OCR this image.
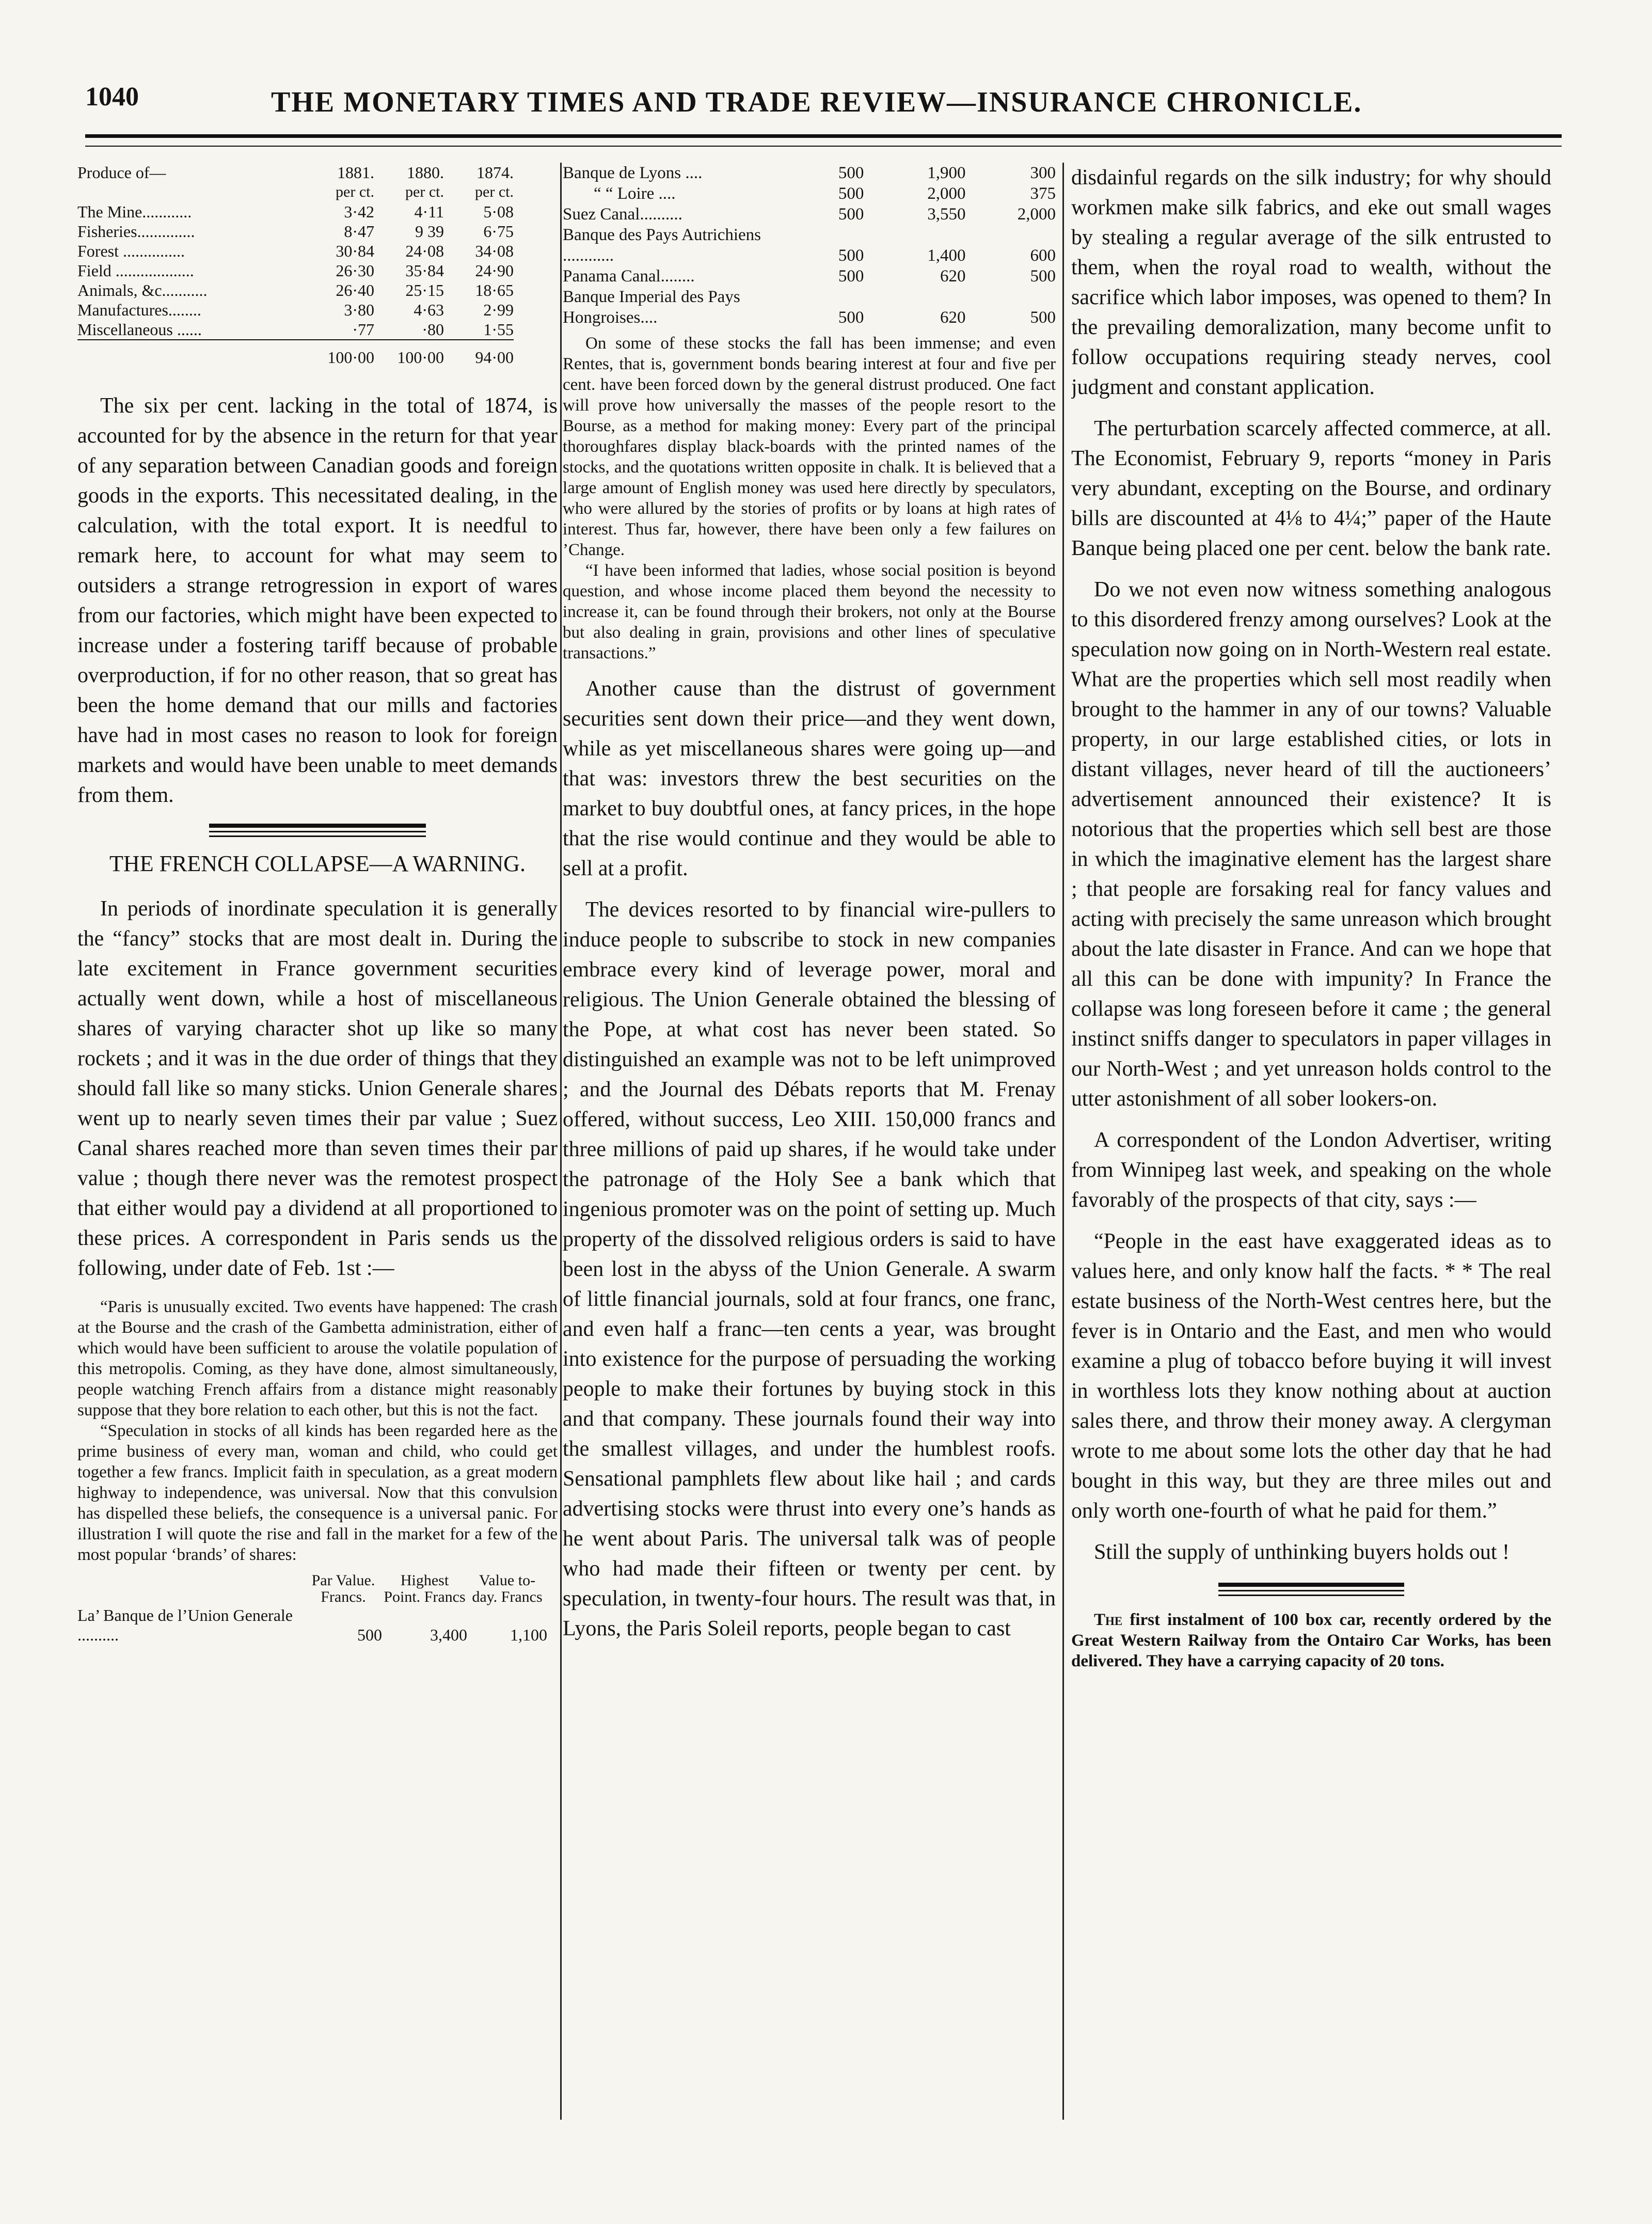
1040	THE MONETARY TIMES AND TRADE REVIEW—INSURANCE CHRONICLE.
Produce of—	1881.	1880.	1874.
	per ct.	per ct.	per ct.
The Mine............	3·42	4·11	5·08
Fisheries..............	8·47	9 39	6·75
Forest ...............	30·84	24·08	34·08
Field ...................	26·30	35·84	24·90
Animals, &c...........	26·40	25·15	18·65
Manufactures........	3·80	4·63	2·99
Miscellaneous ......	·77	·80	1·55
	100·00	100·00	94·00

The six per cent. lacking in the total of 1874, is accounted for by the absence in the return for that year of any separation between Canadian goods and foreign goods in the exports. This necessitated dealing, in the calculation, with the total export. It is needful to remark here, to account for what may seem to outsiders a strange retrogression in export of wares from our factories, which might have been expected to increase under a fostering tariff because of probable overproduction, if for no other reason, that so great has been the home demand that our mills and factories have had in most cases no reason to look for foreign markets and would have been unable to meet demands from them.

THE FRENCH COLLAPSE—A WARNING.

In periods of inordinate speculation it is generally the “fancy” stocks that are most dealt in. During the late excitement in France government securities actually went down, while a host of miscellaneous shares of varying character shot up like so many rockets ; and it was in the due order of things that they should fall like so many sticks. Union Generale shares went up to nearly seven times their par value ; Suez Canal shares reached more than seven times their par value ; though there never was the remotest prospect that either would pay a dividend at all proportioned to these prices. A correspondent in Paris sends us the following, under date of Feb. 1st :—

“Paris is unusually excited. Two events have happened: The crash at the Bourse and the crash of the Gambetta administration, either of which would have been sufficient to arouse the volatile population of this metropolis. Coming, as they have done, almost simultaneously, people watching French affairs from a distance might reasonably suppose that they bore relation to each other, but this is not the fact.

“Speculation in stocks of all kinds has been regarded here as the prime business of every man, woman and child, who could get together a few francs. Implicit faith in speculation, as a great modern highway to independence, was universal. Now that this convulsion has dispelled these beliefs, the consequence is a universal panic. For illustration I will quote the rise and fall in the market for a few of the most popular ‘brands’ of shares:

	Par Value. Francs.	Highest Point. Francs	Value to-day. Francs
La’ Banque de l’Union Generale ..........	500	3,400	1,100
Banque de Lyons ....	500	1,900	300
“ “ Loire ....	500	2,000	375
Suez Canal..........	500	3,550	2,000
Banque des Pays Autrichiens ............	500	1,400	600
Panama Canal........	500	620	500
Banque Imperial des Pays Hongroises....	500	620	500

On some of these stocks the fall has been immense; and even Rentes, that is, government bonds bearing interest at four and five per cent. have been forced down by the general distrust produced. One fact will prove how universally the masses of the people resort to the Bourse, as a method for making money: Every part of the principal thoroughfares display black-boards with the printed names of the stocks, and the quotations written opposite in chalk. It is believed that a large amount of English money was used here directly by speculators, who were allured by the stories of profits or by loans at high rates of interest. Thus far, however, there have been only a few failures on ’Change.

“I have been informed that ladies, whose social position is beyond question, and whose income placed them beyond the necessity to increase it, can be found through their brokers, not only at the Bourse but also dealing in grain, provisions and other lines of speculative transactions.”

Another cause than the distrust of government securities sent down their price—and they went down, while as yet miscellaneous shares were going up—and that was: investors threw the best securities on the market to buy doubtful ones, at fancy prices, in the hope that the rise would continue and they would be able to sell at a profit.

The devices resorted to by financial wire-pullers to induce people to subscribe to stock in new companies embrace every kind of leverage power, moral and religious. The Union Generale obtained the blessing of the Pope, at what cost has never been stated. So distinguished an example was not to be left unimproved ; and the Journal des Débats reports that M. Frenay offered, without success, Leo XIII. 150,000 francs and three millions of paid up shares, if he would take under the patronage of the Holy See a bank which that ingenious promoter was on the point of setting up. Much property of the dissolved religious orders is said to have been lost in the abyss of the Union Generale. A swarm of little financial journals, sold at four francs, one franc, and even half a franc—ten cents a year, was brought into existence for the purpose of persuading the working people to make their fortunes by buying stock in this and that company. These journals found their way into the smallest villages, and under the humblest roofs. Sensational pamphlets flew about like hail ; and cards advertising stocks were thrust into every one’s hands as he went about Paris. The universal talk was of people who had made their fifteen or twenty per cent. by speculation, in twenty-four hours. The result was that, in Lyons, the Paris Soleil reports, people began to cast

disdainful regards on the silk industry; for why should workmen make silk fabrics, and eke out small wages by stealing a regular average of the silk entrusted to them, when the royal road to wealth, without the sacrifice which labor imposes, was opened to them? In the prevailing demoralization, many become unfit to follow occupations requiring steady nerves, cool judgment and constant application.

The perturbation scarcely affected commerce, at all. The Economist, February 9, reports “money in Paris very abundant, excepting on the Bourse, and ordinary bills are discounted at 4⅛ to 4¼;” paper of the Haute Banque being placed one per cent. below the bank rate.

Do we not even now witness something analogous to this disordered frenzy among ourselves? Look at the speculation now going on in North-Western real estate. What are the properties which sell most readily when brought to the hammer in any of our towns? Valuable property, in our large established cities, or lots in distant villages, never heard of till the auctioneers’ advertisement announced their existence? It is notorious that the properties which sell best are those in which the imaginative element has the largest share ; that people are forsaking real for fancy values and acting with precisely the same unreason which brought about the late disaster in France. And can we hope that all this can be done with impunity? In France the collapse was long foreseen before it came ; the general instinct sniffs danger to speculators in paper villages in our North-West ; and yet unreason holds control to the utter astonishment of all sober lookers-on.

A correspondent of the London Advertiser, writing from Winnipeg last week, and speaking on the whole favorably of the prospects of that city, says :—

“People in the east have exaggerated ideas as to values here, and only know half the facts. * * The real estate business of the North-West centres here, but the fever is in Ontario and the East, and men who would examine a plug of tobacco before buying it will invest in worthless lots they know nothing about at auction sales there, and throw their money away. A clergyman wrote to me about some lots the other day that he had bought in this way, but they are three miles out and only worth one-fourth of what he paid for them.”

Still the supply of unthinking buyers holds out !

The first instalment of 100 box car, recently ordered by the Great Western Railway from the Ontairo Car Works, has been delivered. They have a carrying capacity of 20 tons.
